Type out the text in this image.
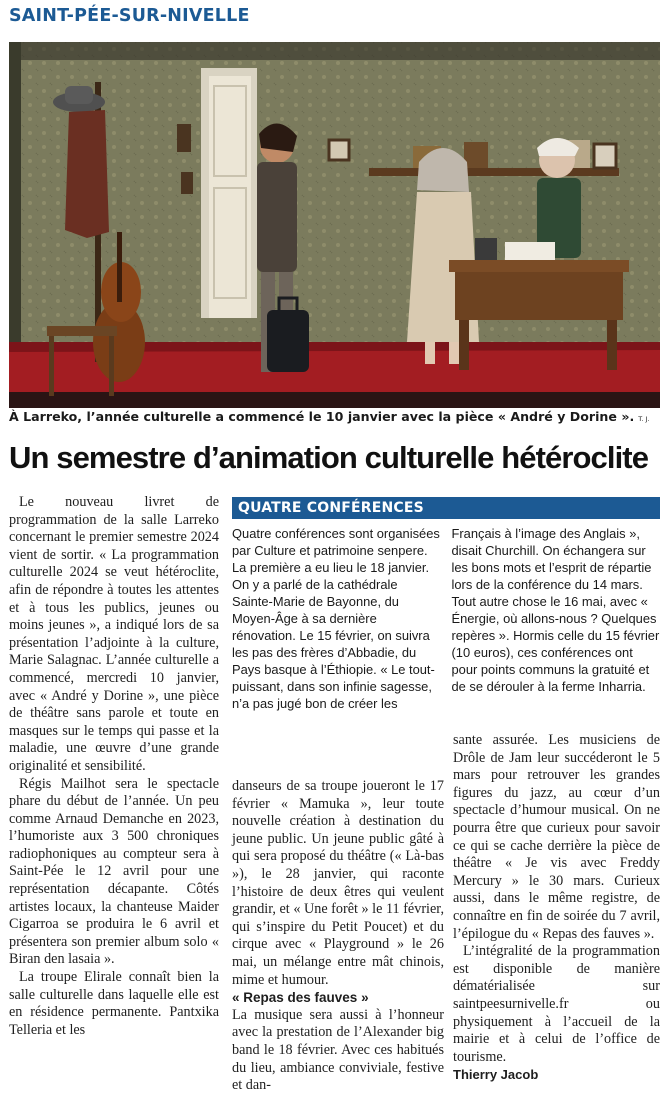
SAINT-PÉE-SUR-NIVELLE
À Larreko, l’année culturelle a commencé le 10 janvier avec la pièce « André y Dorine ». T. J.
Un semestre d’animation culturelle hétéroclite

Le nouveau livret de programmation de la salle Larreko concernant le premier semestre 2024 vient de sortir. « La programmation culturelle 2024 se veut hétéroclite, afin de répondre à toutes les attentes et à tous les publics, jeunes ou moins jeunes », a indiqué lors de sa présentation l’adjointe à la culture, Marie Salagnac. L’année culturelle a commencé, mercredi 10 janvier, avec « André y Dorine », une pièce de théâtre sans parole et toute en masques sur le temps qui passe et la maladie, une œuvre d’une grande originalité et sensibilité.

Régis Mailhot sera le spectacle phare du début de l’année. Un peu comme Arnaud Demanche en 2023, l’humoriste aux 3 500 chroniques radiophoniques au compteur sera à Saint-Pée le 12 avril pour une représentation décapante. Côtés artistes locaux, la chanteuse Maider Cigarroa se produira le 6 avril et présentera son premier album solo « Biran den lasaia ».

La troupe Elirale connaît bien la salle culturelle dans laquelle elle est en résidence permanente. Pantxika Telleria et les

QUATRE CONFÉRENCES

Quatre conférences sont organisées par Culture et patrimoine senpere. La première a eu lieu le 18 janvier. On y a parlé de la cathédrale Sainte-Marie de Bayonne, du Moyen-Âge à sa dernière rénovation. Le 15 février, on suivra les pas des frères d’Abbadie, du Pays basque à l’Éthiopie. « Le tout-puissant, dans son infinie sagesse, n’a pas jugé bon de créer les Français à l’image des Anglais », disait Churchill. On échangera sur les bons mots et l’esprit de répartie lors de la conférence du 14 mars. Tout autre chose le 16 mai, avec « Énergie, où allons-nous ? Quelques repères ». Hormis celle du 15 février (10 euros), ces conférences ont pour points communs la gratuité et de se dérouler à la ferme Inharria.

danseurs de sa troupe joueront le 17 février « Mamuka », leur toute nouvelle création à destination du jeune public. Un jeune public gâté à qui sera proposé du théâtre (« Là-bas »), le 28 janvier, qui raconte l’histoire de deux êtres qui veulent grandir, et « Une forêt » le 11 février, qui s’inspire du Petit Poucet) et du cirque avec « Playground » le 26 mai, un mélange entre mât chinois, mime et humour.

« Repas des fauves »

La musique sera aussi à l’honneur avec la prestation de l’Alexander big band le 18 février. Avec ces habitués du lieu, ambiance conviviale, festive et dan-

sante assurée. Les musiciens de Drôle de Jam leur succéderont le 5 mars pour retrouver les grandes figures du jazz, au cœur d’un spectacle d’humour musical. On ne pourra être que curieux pour savoir ce qui se cache derrière la pièce de théâtre « Je vis avec Freddy Mercury » le 30 mars. Curieux aussi, dans le même registre, de connaître en fin de soirée du 7 avril, l’épilogue du « Repas des fauves ».

L’intégralité de la programmation est disponible de manière dématérialisée sur saintpeesurnivelle.fr ou physiquement à l’accueil de la mairie et à celui de l’office de tourisme.

Thierry Jacob
